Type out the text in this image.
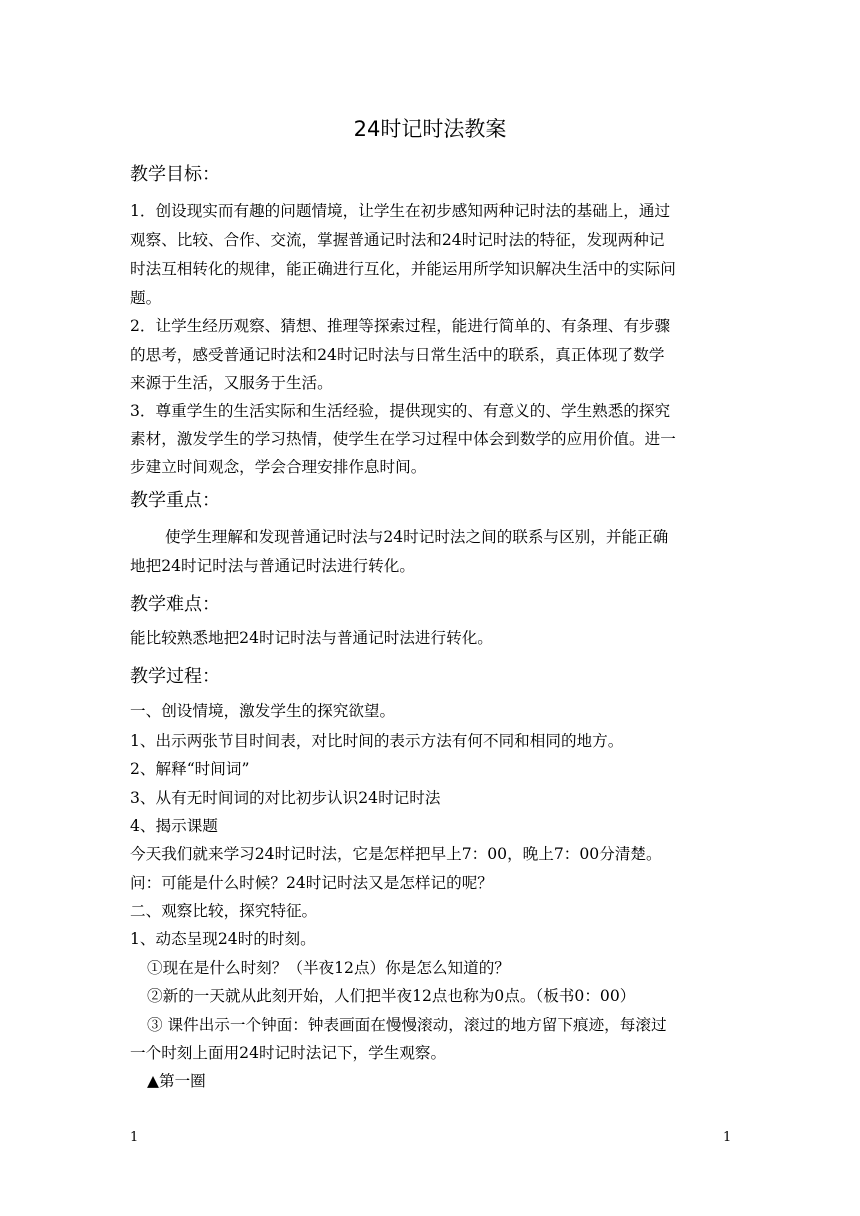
24时记时法教案
教学目标：
1．创设现实而有趣的问题情境，让学生在初步感知两种记时法的基础上，通过
观察、比较、合作、交流，掌握普通记时法和24时记时法的特征，发现两种记
时法互相转化的规律，能正确进行互化，并能运用所学知识解决生活中的实际问
题。
2．让学生经历观察、猜想、推理等探索过程，能进行简单的、有条理、有步骤
的思考，感受普通记时法和24时记时法与日常生活中的联系，真正体现了数学
来源于生活，又服务于生活。
3．尊重学生的生活实际和生活经验，提供现实的、有意义的、学生熟悉的探究
素材，激发学生的学习热情，使学生在学习过程中体会到数学的应用价值。进一
步建立时间观念，学会合理安排作息时间。
教学重点：
使学生理解和发现普通记时法与24时记时法之间的联系与区别，并能正确
地把24时记时法与普通记时法进行转化。
教学难点：
能比较熟悉地把24时记时法与普通记时法进行转化。
教学过程：
一、创设情境，激发学生的探究欲望。
1、出示两张节目时间表，对比时间的表示方法有何不同和相同的地方。
2、解释“时间词”
3、从有无时间词的对比初步认识24时记时法
4、揭示课题
今天我们就来学习24时记时法，它是怎样把早上7：00，晚上7：00分清楚。
问：可能是什么时候？24时记时法又是怎样记的呢？
二、观察比较，探究特征。
1、动态呈现24时的时刻。
①现在是什么时刻？（半夜12点）你是怎么知道的？
②新的一天就从此刻开始，人们把半夜12点也称为0点。（板书0：00）
③ 课件出示一个钟面：钟表画面在慢慢滚动，滚过的地方留下痕迹，每滚过
一个时刻上面用24时记时法记下，学生观察。
▲第一圈
1	1
